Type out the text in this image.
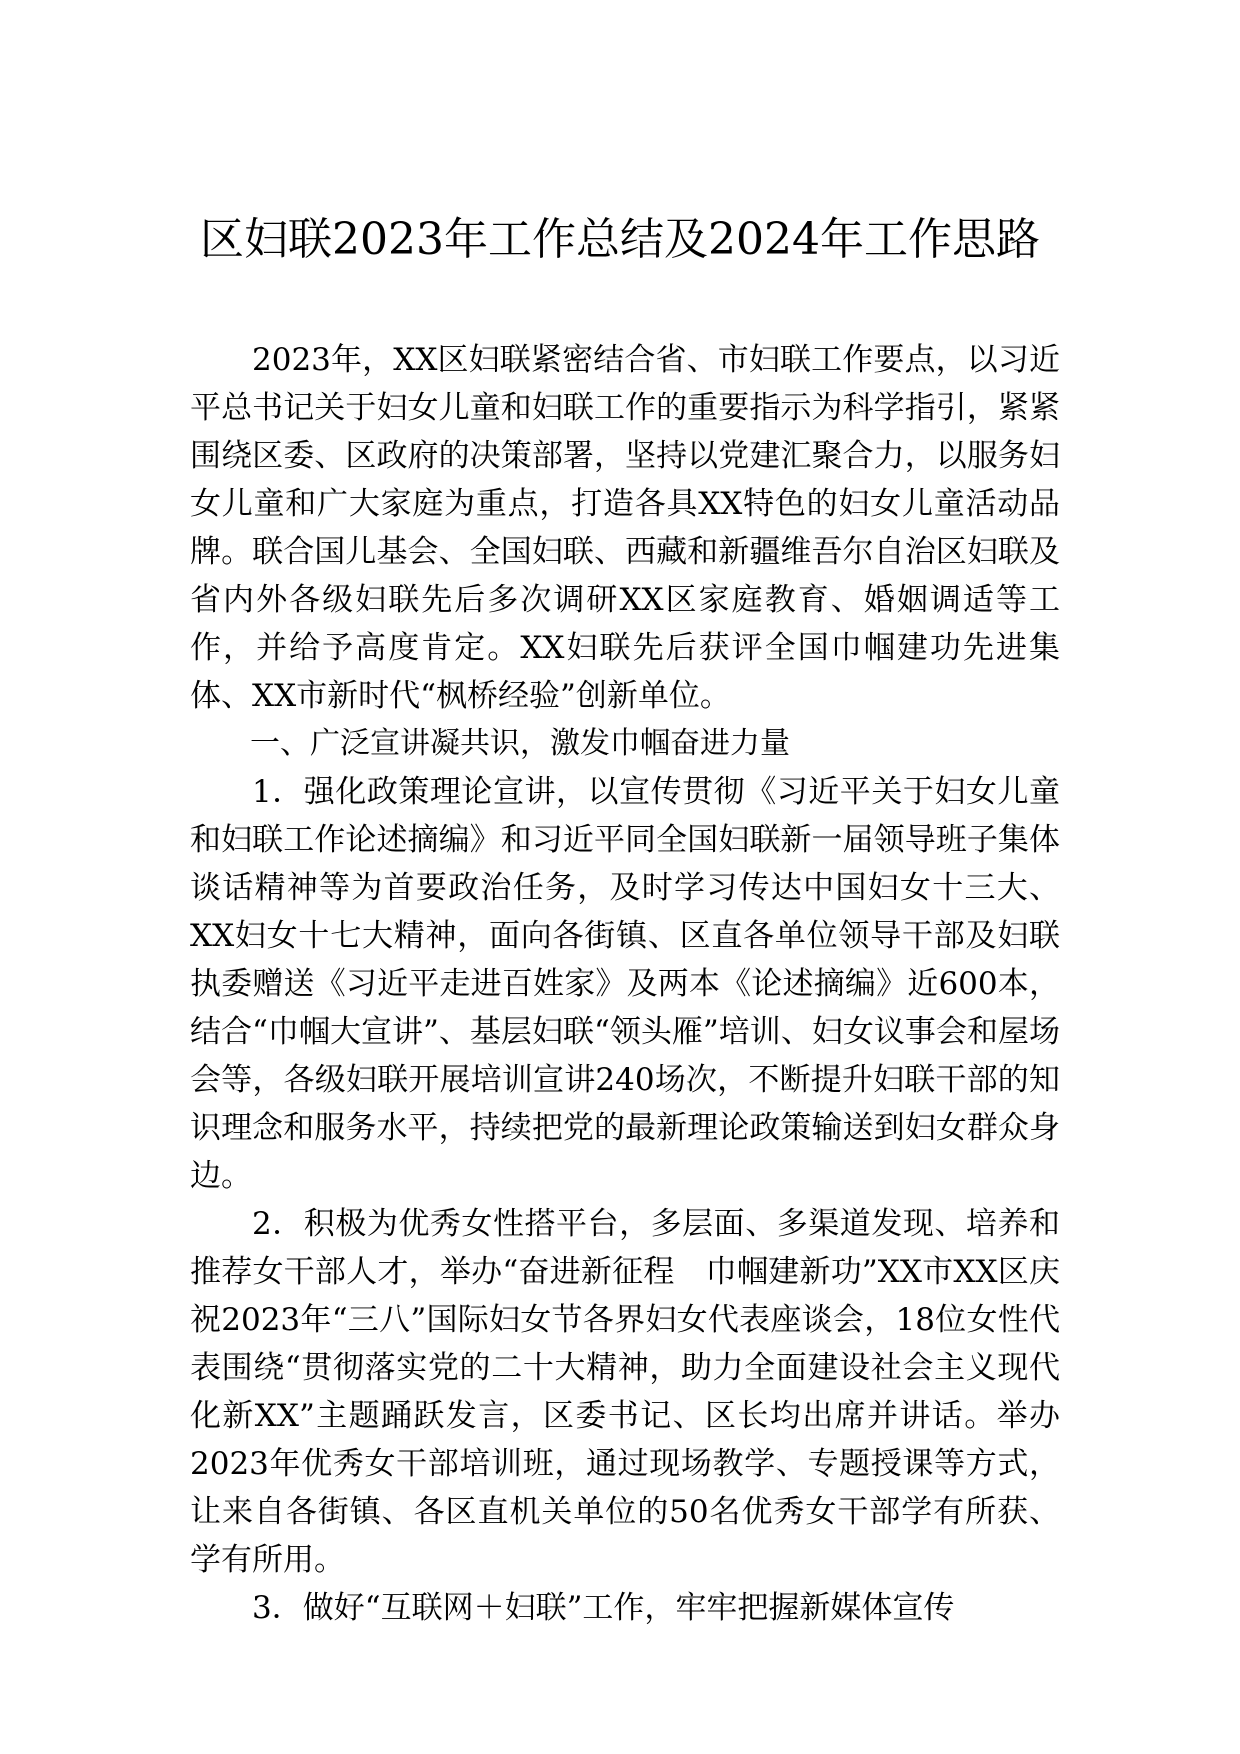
区妇联2023年工作总结及2024年工作思路

2023年，XX区妇联紧密结合省、市妇联工作要点，以习近平总书记关于妇女儿童和妇联工作的重要指示为科学指引，紧紧围绕区委、区政府的决策部署，坚持以党建汇聚合力，以服务妇女儿童和广大家庭为重点，打造各具XX特色的妇女儿童活动品牌。联合国儿基会、全国妇联、西藏和新疆维吾尔自治区妇联及省内外各级妇联先后多次调研XX区家庭教育、婚姻调适等工作，并给予高度肯定。XX妇联先后获评全国巾帼建功先进集体、XX市新时代“枫桥经验”创新单位。

一、广泛宣讲凝共识，激发巾帼奋进力量

1．强化政策理论宣讲，以宣传贯彻《习近平关于妇女儿童和妇联工作论述摘编》和习近平同全国妇联新一届领导班子集体谈话精神等为首要政治任务，及时学习传达中国妇女十三大、XX妇女十七大精神，面向各街镇、区直各单位领导干部及妇联执委赠送《习近平走进百姓家》及两本《论述摘编》近600本，结合“巾帼大宣讲”、基层妇联“领头雁”培训、妇女议事会和屋场会等，各级妇联开展培训宣讲240场次，不断提升妇联干部的知识理念和服务水平，持续把党的最新理论政策输送到妇女群众身边。

2．积极为优秀女性搭平台，多层面、多渠道发现、培养和推荐女干部人才，举办“奋进新征程　巾帼建新功”XX市XX区庆祝2023年“三八”国际妇女节各界妇女代表座谈会，18位女性代表围绕“贯彻落实党的二十大精神，助力全面建设社会主义现代化新XX”主题踊跃发言，区委书记、区长均出席并讲话。举办2023年优秀女干部培训班，通过现场教学、专题授课等方式，让来自各街镇、各区直机关单位的50名优秀女干部学有所获、学有所用。

3．做好“互联网＋妇联”工作，牢牢把握新媒体宣传
